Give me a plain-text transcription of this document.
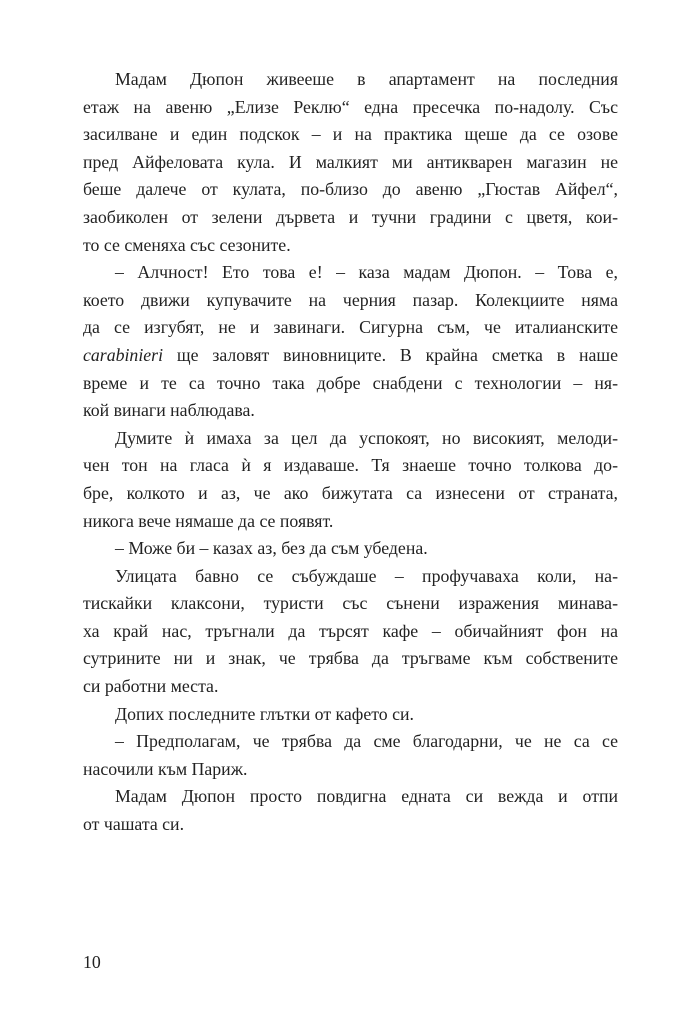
Мадам Дюпон живееше в апартамент на последния
етаж на авеню „Елизе Реклю“ една пресечка по-надолу. Със
засилване и един подскок – и на практика щеше да се озове
пред Айфеловата кула. И малкият ми антикварен магазин не
беше далече от кулата, по-близо до авеню „Гюстав Айфел“,
заобиколен от зелени дървета и тучни градини с цветя, кои-
то се сменяха със сезоните.
– Алчност! Ето това е! – каза мадам Дюпон. – Това е,
което движи купувачите на черния пазар. Колекциите няма
да се изгубят, не и завинаги. Сигурна съм, че италианските
carabinieri ще заловят виновниците. В крайна сметка в наше
време и те са точно така добре снабдени с технологии – ня-
кой винаги наблюдава.
Думите ѝ имаха за цел да успокоят, но високият, мелоди-
чен тон на гласа ѝ я издаваше. Тя знаеше точно толкова до-
бре, колкото и аз, че ако бижутата са изнесени от страната,
никога вече нямаше да се появят.
– Може би – казах аз, без да съм убедена.
Улицата бавно се събуждаше – профучаваха коли, на-
тискайки клаксони, туристи със сънени изражения минава-
ха край нас, тръгнали да търсят кафе – обичайният фон на
сутрините ни и знак, че трябва да тръгваме към собствените
си работни места.
Допих последните глътки от кафето си.
– Предполагам, че трябва да сме благодарни, че не са се
насочили към Париж.
Мадам Дюпон просто повдигна едната си вежда и отпи
от чашата си.
10
